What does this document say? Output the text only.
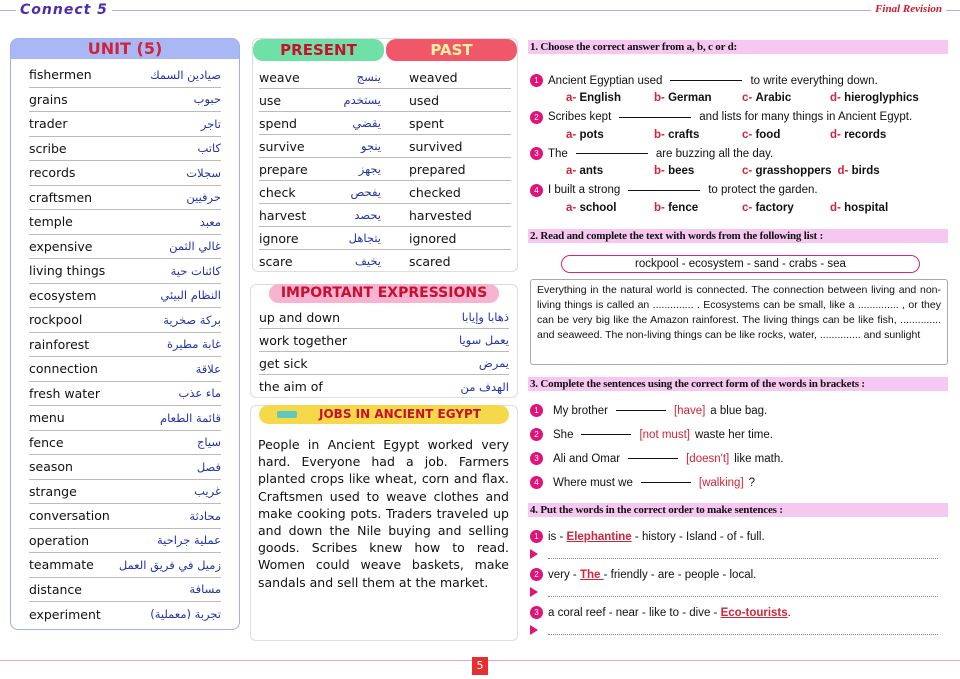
Connect 5	Final Revision
UNIT (5)
fishermen	صيادين السمك
grains	حبوب
trader	تاجر
scribe	كاتب
records	سجلات
craftsmen	حرفيين
temple	معبد
expensive	غالي الثمن
living things	كائنات حية
ecosystem	النظام البيئي
rockpool	بركة صخرية
rainforest	غابة مطيرة
connection	علاقة
fresh water	ماء عذب
menu	قائمة الطعام
fence	سياج
season	فصل
strange	غريب
conversation	محادثة
operation	عملية جراحية
teammate زميل في فريق العمل
distance	مسافة
experiment	تجربة (معملية)
PRESENT	PAST
weave	ينسج	weaved
use	يستخدم	used
spend	يقضي	spent
survive	ينجو	survived
prepare	يجهز	prepared
check	يفحص	checked
harvest	يحصد	harvested
ignore	يتجاهل	ignored
scare	يخيف	scared
IMPORTANT EXPRESSIONS
up and down	ذهابا وإيابا
work together	يعمل سويا
get sick	يمرض
the aim of	الهدف من
JOBS IN ANCIENT EGYPT

People in Ancient Egypt worked very hard. Everyone had a job. Farmers planted crops like wheat, corn and flax. Craftsmen used to weave clothes and make cooking pots. Traders traveled up and down the Nile buying and selling goods. Scribes knew how to read. Women could weave baskets, make sandals and sell them at the market.

1. Choose the correct answer from a, b, c or d:
1 Ancient Egyptian used	to write everything down.
a- English	b- German	c- Arabic	d- hieroglyphics
2 Scribes kept	and lists for many things in Ancient Egypt.
a- pots	b- crafts	c- food	d- records
3 The	are buzzing all the day.
a- ants	b- bees	c- grasshoppers d- birds
4 I built a strong	to protect the garden.
a- school	b- fence	c- factory	d- hospital
2. Read and complete the text with words from the following list :
rockpool - ecosystem - sand - crabs - sea
Everything in the natural world is connected. The connection between living and non-living things is called an .............. . Ecosystems can be small, like a .............. , or they can be very big like the Amazon rainforest. The living things can be like fish, .............. and seaweed. The non-living things can be like rocks, water, .............. and sunlight
3. Complete the sentences using the correct form of the words in brackets :
1	My brother	[have] a blue bag.
2	She	[not must] waste her time.
3	Ali and Omar	[doesn't] like math.
4	Where must we	[walking] ?
4. Put the words in the correct order to make sentences :
1 is - Elephantine - history - Island - of - full.
2 very - The - friendly - are - people - local.
3 a coral reef - near - like to - dive - Eco-tourists.
5
